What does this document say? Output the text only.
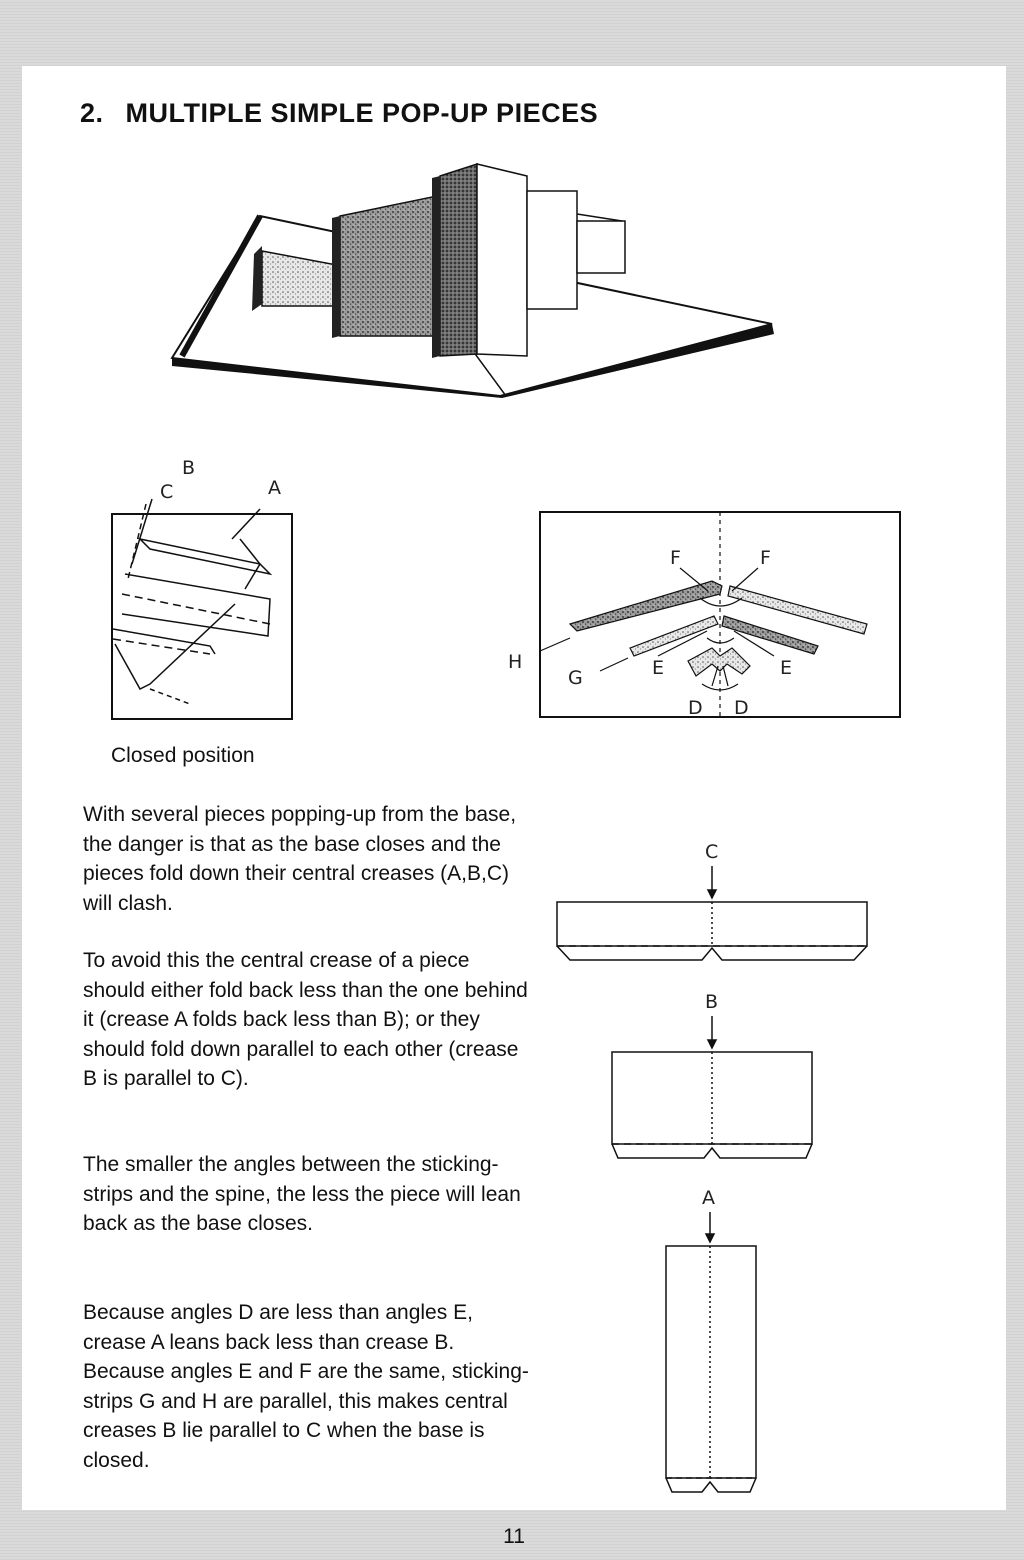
2. MULTIPLE SIMPLE POP-UP PIECES
B
C	A
Closed position
F	F
H
G	E	E
D D
C
B
A

With several pieces popping-up from the base, the danger is that as the base closes and the pieces fold down their central creases (A,B,C) will clash.

To avoid this the central crease of a piece should either fold back less than the one behind it (crease A folds back less than B); or they should fold down parallel to each other (crease B is parallel to C).

The smaller the angles between the sticking-strips and the spine, the less the piece will lean back as the base closes.

Because angles D are less than angles E, crease A leans back less than crease B. Because angles E and F are the same, sticking-strips G and H are parallel, this makes central creases B lie parallel to C when the base is closed.

11
